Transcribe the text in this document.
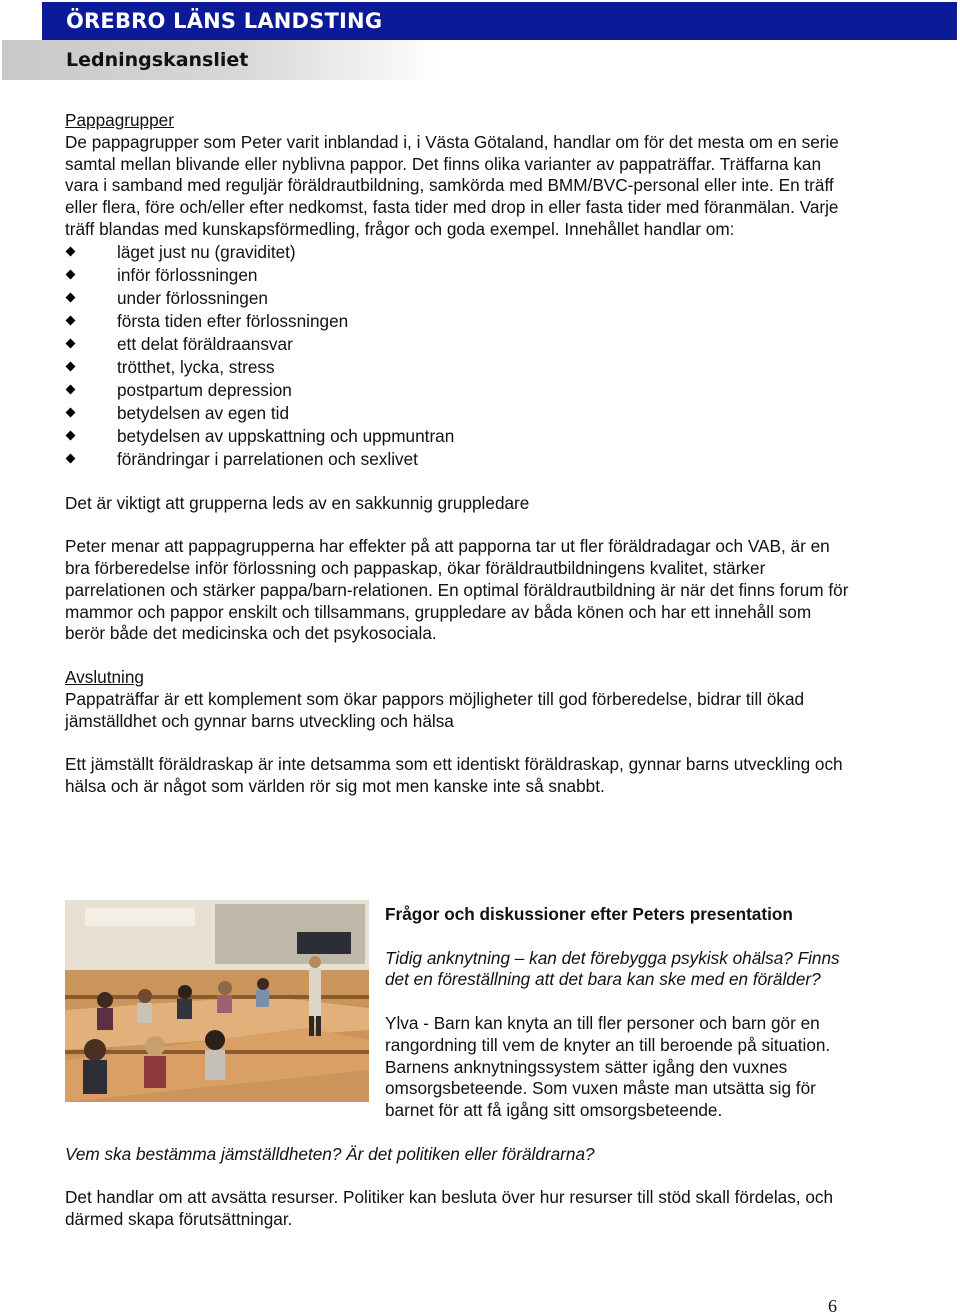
ÖREBRO LÄNS LANDSTING
Ledningskansliet

Pappagrupper

De pappagrupper som Peter varit inblandad i, i Västa Götaland, handlar om för det mesta om en serie samtal mellan blivande eller nyblivna pappor. Det finns olika varianter av pappaträffar. Träffarna kan vara i samband med reguljär föräldrautbildning, samkörda med BMM/BVC-personal eller inte. En träff eller flera, före och/eller efter nedkomst, fasta tider med drop in eller fasta tider med föranmälan. Varje träff blandas med kunskapsförmedling, frågor och goda exempel. Innehållet handlar om:

läget just nu (graviditet)
inför förlossningen
under förlossningen
första tiden efter förlossningen
ett delat föräldraansvar
trötthet, lycka, stress
postpartum depression
betydelsen av egen tid
betydelsen av uppskattning och uppmuntran
förändringar i parrelationen och sexlivet

Det är viktigt att grupperna leds av en sakkunnig gruppledare

Peter menar att pappagrupperna har effekter på att papporna tar ut fler föräldradagar och VAB, är en bra förberedelse inför förlossning och pappaskap, ökar föräldrautbildningens kvalitet, stärker parrelationen och stärker pappa/barn-relationen. En optimal föräldrautbildning är när det finns forum för mammor och pappor enskilt och tillsammans, gruppledare av båda könen och har ett innehåll som berör både det medicinska och det psykosociala.

Avslutning

Pappaträffar är ett komplement som ökar pappors möjligheter till god förberedelse, bidrar till ökad jämställdhet och gynnar barns utveckling och hälsa

Ett jämställt föräldraskap är inte detsamma som ett identiskt föräldraskap, gynnar barns utveckling och hälsa och är något som världen rör sig mot men kanske inte så snabbt.

Frågor och diskussioner efter Peters presentation

Tidig anknytning – kan det förebygga psykisk ohälsa? Finns det en föreställning att det bara kan ske med en förälder?

Ylva - Barn kan knyta an till fler personer och barn gör en rangordning till vem de knyter an till beroende på situation. Barnens anknytningssystem sätter igång den vuxnes omsorgsbeteende. Som vuxen måste man utsätta sig för barnet för att få igång sitt omsorgsbeteende.

Vem ska bestämma jämställdheten? Är det politiken eller föräldrarna?

Det handlar om att avsätta resurser. Politiker kan besluta över hur resurser till stöd skall fördelas, och därmed skapa förutsättningar.

6
